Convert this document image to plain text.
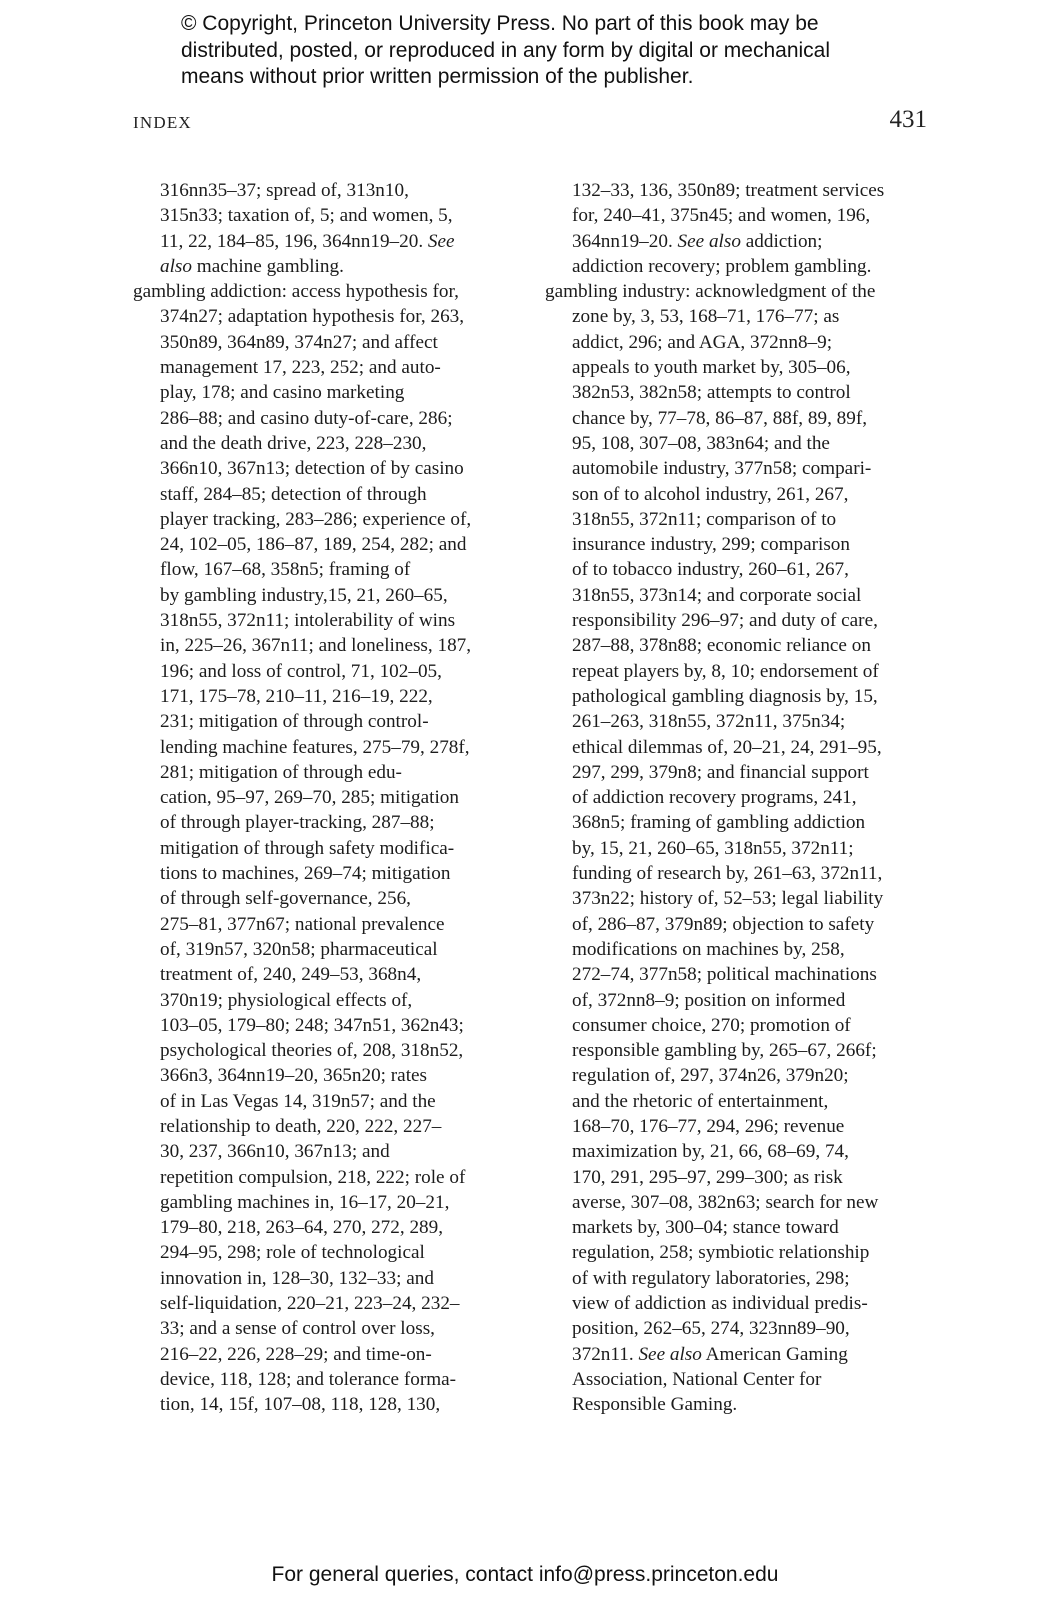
© Copyright, Princeton University Press. No part of this book may be
distributed, posted, or reproduced in any form by digital or mechanical
means without prior written permission of the publisher.
INDEX	431
316nn35–37; spread of, 313n10,
315n33; taxation of, 5; and women, 5,
11, 22, 184–85, 196, 364nn19–20. See
also machine gambling.
gambling addiction: access hypothesis for,
374n27; adaptation hypothesis for, 263,
350n89, 364n89, 374n27; and affect
management 17, 223, 252; and auto-
play, 178; and casino marketing
286–88; and casino duty-of-care, 286;
and the death drive, 223, 228–230,
366n10, 367n13; detection of by casino
staff, 284–85; detection of through
player tracking, 283–286; experience of,
24, 102–05, 186–87, 189, 254, 282; and
flow, 167–68, 358n5; framing of
by gambling industry,15, 21, 260–65,
318n55, 372n11; intolerability of wins
in, 225–26, 367n11; and loneliness, 187,
196; and loss of control, 71, 102–05,
171, 175–78, 210–11, 216–19, 222,
231; mitigation of through control-
lending machine features, 275–79, 278f,
281; mitigation of through edu-
cation, 95–97, 269–70, 285; mitigation
of through player-tracking, 287–88;
mitigation of through safety modifica-
tions to machines, 269–74; mitigation
of through self-governance, 256,
275–81, 377n67; national prevalence
of, 319n57, 320n58; pharmaceutical
treatment of, 240, 249–53, 368n4,
370n19; physiological effects of,
103–05, 179–80; 248; 347n51, 362n43;
psychological theories of, 208, 318n52,
366n3, 364nn19–20, 365n20; rates
of in Las Vegas 14, 319n57; and the
relationship to death, 220, 222, 227–
30, 237, 366n10, 367n13; and
repetition compulsion, 218, 222; role of
gambling machines in, 16–17, 20–21,
179–80, 218, 263–64, 270, 272, 289,
294–95, 298; role of technological
innovation in, 128–30, 132–33; and
self-liquidation, 220–21, 223–24, 232–
33; and a sense of control over loss,
216–22, 226, 228–29; and time-on-
device, 118, 128; and tolerance forma-
tion, 14, 15f, 107–08, 118, 128, 130,
132–33, 136, 350n89; treatment services
for, 240–41, 375n45; and women, 196,
364nn19–20. See also addiction;
addiction recovery; problem gambling.
gambling industry: acknowledgment of the
zone by, 3, 53, 168–71, 176–77; as
addict, 296; and AGA, 372nn8–9;
appeals to youth market by, 305–06,
382n53, 382n58; attempts to control
chance by, 77–78, 86–87, 88f, 89, 89f,
95, 108, 307–08, 383n64; and the
automobile industry, 377n58; compari-
son of to alcohol industry, 261, 267,
318n55, 372n11; comparison of to
insurance industry, 299; comparison
of to tobacco industry, 260–61, 267,
318n55, 373n14; and corporate social
responsibility 296–97; and duty of care,
287–88, 378n88; economic reliance on
repeat players by, 8, 10; endorsement of
pathological gambling diagnosis by, 15,
261–263, 318n55, 372n11, 375n34;
ethical dilemmas of, 20–21, 24, 291–95,
297, 299, 379n8; and financial support
of addiction recovery programs, 241,
368n5; framing of gambling addiction
by, 15, 21, 260–65, 318n55, 372n11;
funding of research by, 261–63, 372n11,
373n22; history of, 52–53; legal liability
of, 286–87, 379n89; objection to safety
modifications on machines by, 258,
272–74, 377n58; political machinations
of, 372nn8–9; position on informed
consumer choice, 270; promotion of
responsible gambling by, 265–67, 266f;
regulation of, 297, 374n26, 379n20;
and the rhetoric of entertainment,
168–70, 176–77, 294, 296; revenue
maximization by, 21, 66, 68–69, 74,
170, 291, 295–97, 299–300; as risk
averse, 307–08, 382n63; search for new
markets by, 300–04; stance toward
regulation, 258; symbiotic relationship
of with regulatory laboratories, 298;
view of addiction as individual predis-
position, 262–65, 274, 323nn89–90,
372n11. See also American Gaming
Association, National Center for
Responsible Gaming.
For general queries, contact info@press.princeton.edu
